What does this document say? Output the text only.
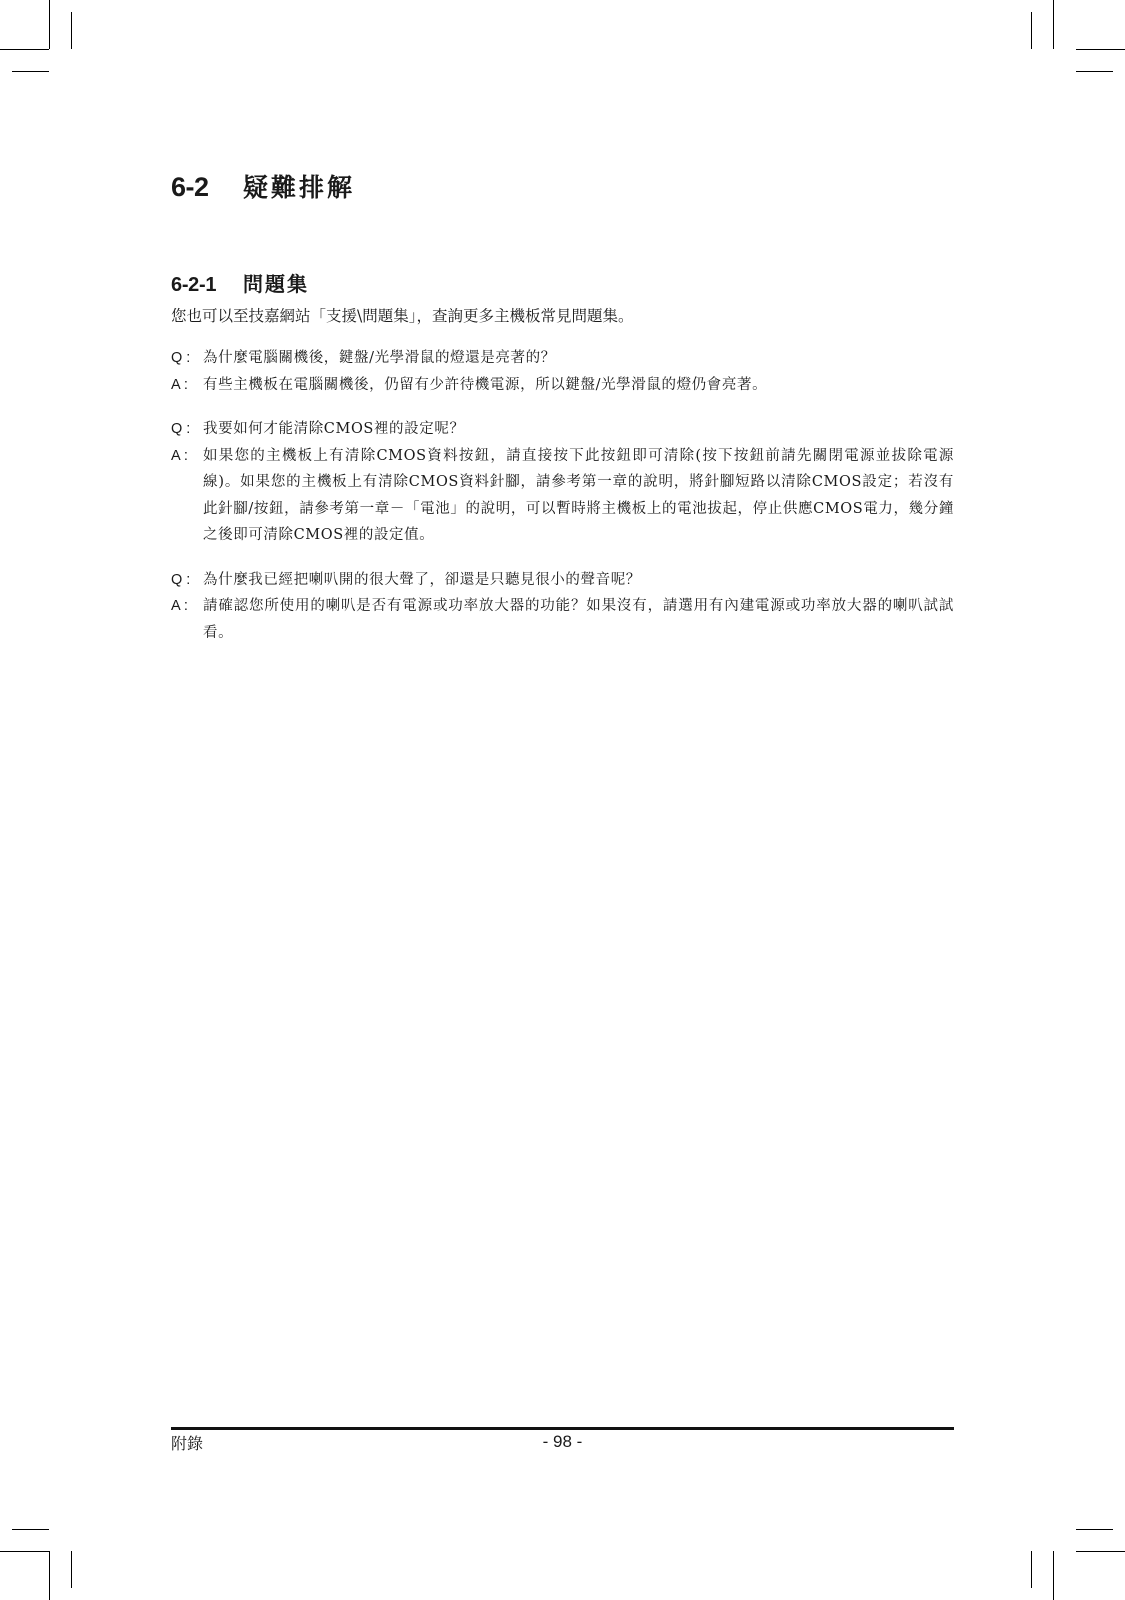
6-2	疑難排解
6-2-1	問題集
您也可以至技嘉網站「支援\問題集」，查詢更多主機板常見問題集。
Q : 為什麼電腦關機後，鍵盤/光學滑鼠的燈還是亮著的？
A :	有些主機板在電腦關機後，仍留有少許待機電源，所以鍵盤/光學滑鼠的燈仍會亮著。
Q : 我要如何才能清除CMOS裡的設定呢？
A :	如果您的主機板上有清除CMOS資料按鈕，請直接按下此按鈕即可清除(按下按鈕前請先關閉電源並拔除電源線)。如果您的主機板上有清除CMOS資料針腳，請參考第一章的說明，將針腳短路以清除CMOS設定；若沒有此針腳/按鈕，請參考第一章－「電池」的說明，可以暫時將主機板上的電池拔起，停止供應CMOS電力，幾分鐘之後即可清除CMOS裡的設定值。
Q : 為什麼我已經把喇叭開的很大聲了，卻還是只聽見很小的聲音呢？
A :	請確認您所使用的喇叭是否有電源或功率放大器的功能？如果沒有，請選用有內建電源或功率放大器的喇叭試試看。
附錄	- 98 -
